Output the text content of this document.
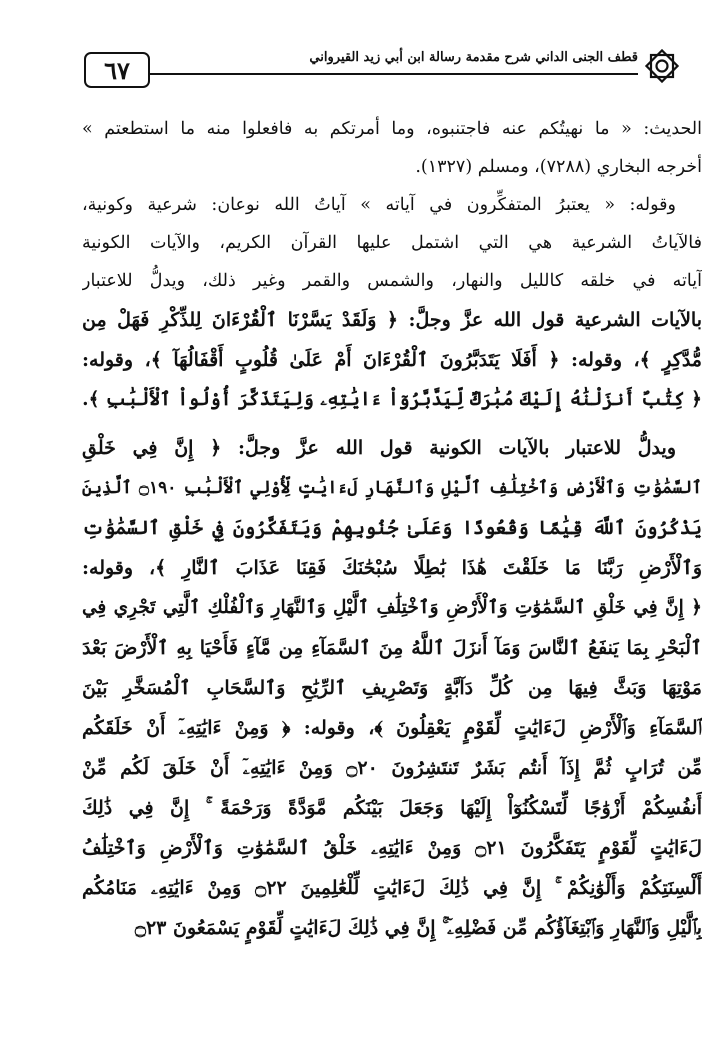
٦٧	قطف الجنى الداني شرح مقدمة رسالة ابن أبي زيد القيرواني
الحديث: « ما نهيتُكم عنه فاجتنبوه، وما أمرتكم به فافعلوا منه ما استطعتم »
أخرجه البخاري (٧٢٨٨)، ومسلم (١٣٢٧).
وقوله: « يعتبرُ المتفكِّرون في آياته » آياتُ الله نوعان: شرعية وكونية،
فالآياتُ الشرعية هي التي اشتمل عليها القرآن الكريم، والآيات الكونية
آياته في خلقه كالليل والنهار، والشمس والقمر وغير ذلك، ويدلُّ للاعتبار
بالآيات الشرعية قول الله عزَّ وجلَّ: ﴿ وَلَقَدْ يَسَّرْنَا ٱلْقُرْءَانَ لِلذِّكْرِ فَهَلْ مِن
مُّدَّكِرٍ ﴾، وقوله: ﴿ أَفَلَا يَتَدَبَّرُونَ ٱلْقُرْءَانَ أَمْ عَلَىٰ قُلُوبٍ أَقْفَالُهَآ ﴾، وقوله:
﴿ كِتَٰبٌ أَنزَلْنَٰهُ إِلَيْكَ مُبَٰرَكٌ لِّيَدَّبَّرُوٓاْ ءَايَٰتِهِۦ وَلِيَتَذَكَّرَ أُوْلُواْ ٱلْأَلْبَٰبِ ﴾.
ويدلُّ للاعتبار بالآيات الكونية قول الله عزَّ وجلَّ: ﴿ إِنَّ فِي خَلْقِ
ٱلسَّمَٰوَٰتِ وَٱلْأَرْضِ وَٱخْتِلَٰفِ ٱلَّيْلِ وَٱلنَّهَارِ لَءَايَٰتٍ لِّأُوْلِي ٱلْأَلْبَٰبِ ۝١٩٠ ٱلَّذِينَ
يَذْكُرُونَ ٱللَّهَ قِيَٰمًا وَقُعُودًا وَعَلَىٰ جُنُوبِهِمْ وَيَتَفَكَّرُونَ فِي خَلْقِ ٱلسَّمَٰوَٰتِ
وَٱلْأَرْضِ رَبَّنَا مَا خَلَقْتَ هَٰذَا بَٰطِلًا سُبْحَٰنَكَ فَقِنَا عَذَابَ ٱلنَّارِ ﴾، وقوله:
﴿ إِنَّ فِي خَلْقِ ٱلسَّمَٰوَٰتِ وَٱلْأَرْضِ وَٱخْتِلَٰفِ ٱلَّيْلِ وَٱلنَّهَارِ وَٱلْفُلْكِ ٱلَّتِي تَجْرِي فِي
ٱلْبَحْرِ بِمَا يَنفَعُ ٱلنَّاسَ وَمَآ أَنزَلَ ٱللَّهُ مِنَ ٱلسَّمَآءِ مِن مَّآءٍ فَأَحْيَا بِهِ ٱلْأَرْضَ بَعْدَ
مَوْتِهَا وَبَثَّ فِيهَا مِن كُلِّ دَآبَّةٍ وَتَصْرِيفِ ٱلرِّيَٰحِ وَٱلسَّحَابِ ٱلْمُسَخَّرِ بَيْنَ
ٱلسَّمَآءِ وَٱلْأَرْضِ لَءَايَٰتٍ لِّقَوْمٍ يَعْقِلُونَ ﴾، وقوله: ﴿ وَمِنْ ءَايَٰتِهِۦٓ أَنْ خَلَقَكُم
مِّن تُرَابٍ ثُمَّ إِذَآ أَنتُم بَشَرٌ تَنتَشِرُونَ ۝٢٠ وَمِنْ ءَايَٰتِهِۦٓ أَنْ خَلَقَ لَكُم مِّنْ
أَنفُسِكُمْ أَزْوَٰجًا لِّتَسْكُنُوٓاْ إِلَيْهَا وَجَعَلَ بَيْنَكُم مَّوَدَّةً وَرَحْمَةً ۚ إِنَّ فِي ذَٰلِكَ
لَءَايَٰتٍ لِّقَوْمٍ يَتَفَكَّرُونَ ۝٢١ وَمِنْ ءَايَٰتِهِۦ خَلْقُ ٱلسَّمَٰوَٰتِ وَٱلْأَرْضِ وَٱخْتِلَٰفُ
أَلْسِنَتِكُمْ وَأَلْوَٰنِكُمْ ۚ إِنَّ فِي ذَٰلِكَ لَءَايَٰتٍ لِّلْعَٰلِمِينَ ۝٢٢ وَمِنْ ءَايَٰتِهِۦ مَنَامُكُم
بِٱلَّيْلِ وَٱلنَّهَارِ وَٱبْتِغَآؤُكُم مِّن فَضْلِهِۦٓ ۚ إِنَّ فِي ذَٰلِكَ لَءَايَٰتٍ لِّقَوْمٍ يَسْمَعُونَ ۝٢٣
